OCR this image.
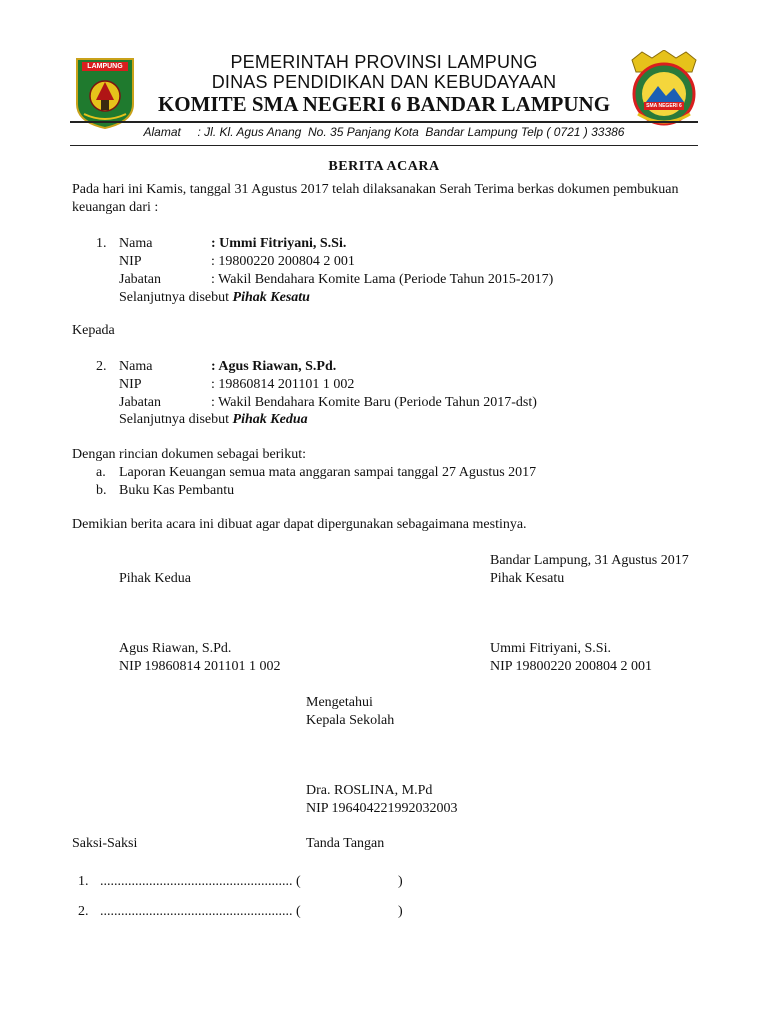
LAMPUNG
SMA NEGERI 6
PEMERINTAH PROVINSI LAMPUNG
DINAS PENDIDIKAN DAN KEBUDAYAAN
KOMITE SMA NEGERI 6 BANDAR LAMPUNG
Alamat     : Jl. Kl. Agus Anang  No. 35 Panjang Kota  Bandar Lampung Telp ( 0721 ) 33386
BERITA ACARA
Pada hari ini Kamis, tanggal 31 Agustus 2017 telah dilaksanakan Serah Terima berkas dokumen pembukuan
keuangan dari :
1. Nama	: Ummi Fitriyani, S.Si.
NIP	: 19800220 200804 2 001
Jabatan	: Wakil Bendahara Komite Lama (Periode Tahun 2015-2017)
Selanjutnya disebut Pihak Kesatu
Kepada
2. Nama	: Agus Riawan, S.Pd.
NIP	: 19860814 201101 1 002
Jabatan	: Wakil Bendahara Komite Baru (Periode Tahun 2017-dst)
Selanjutnya disebut Pihak Kedua
Dengan rincian dokumen sebagai berikut:
a. Laporan Keuangan semua mata anggaran sampai tanggal 27 Agustus 2017
b. Buku Kas Pembantu
Demikian berita acara ini dibuat agar dapat dipergunakan sebagaimana mestinya.
Bandar Lampung, 31 Agustus 2017
Pihak Kedua	Pihak Kesatu
Agus Riawan, S.Pd.
NIP 19860814 201101 1 002
Ummi Fitriyani, S.Si.
NIP 19800220 200804 2 001
Mengetahui
Kepala Sekolah
Dra. ROSLINA, M.Pd
NIP 196404221992032003
Saksi-Saksi	Tanda Tangan
1. ....................................................... (	)
2. ....................................................... (	)
